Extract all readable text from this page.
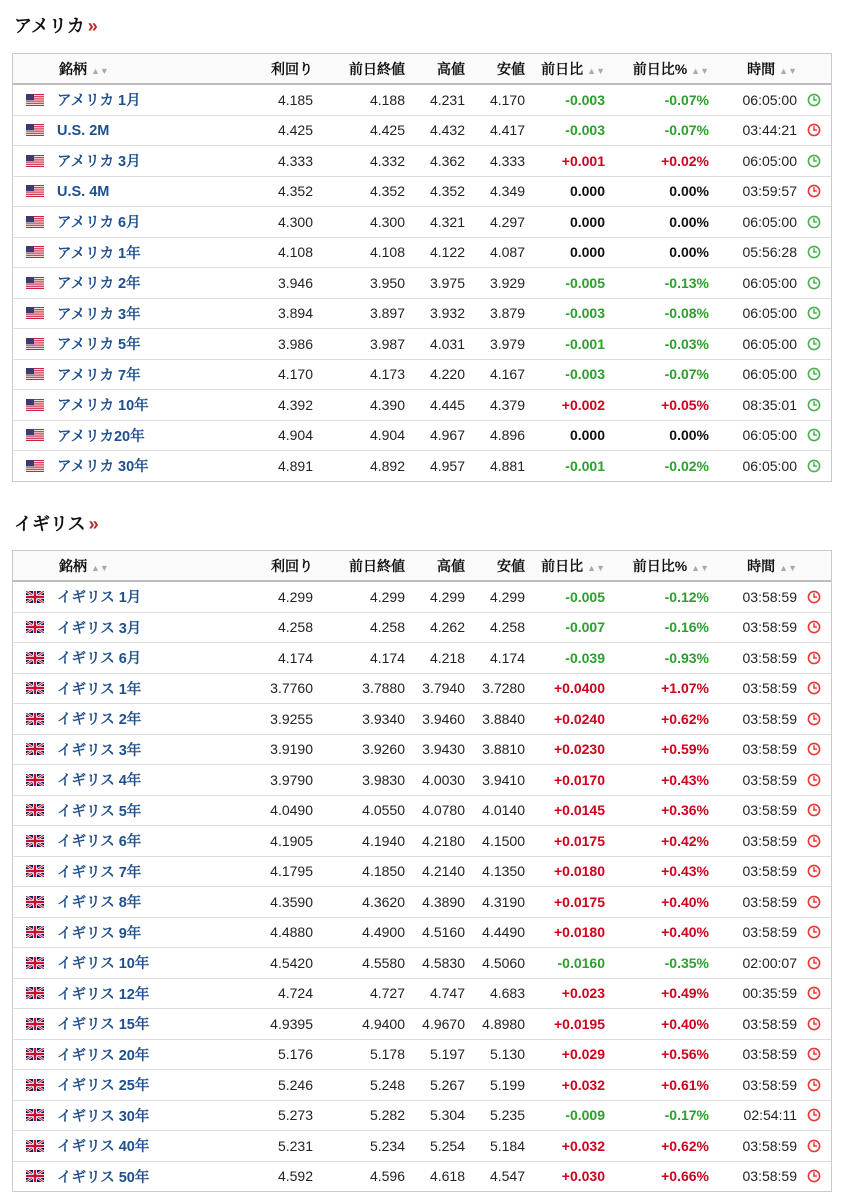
アメリカ »
銘柄 ▲▼	利回り	前日終値	高値	安値	前日比 ▲▼	前日比% ▲▼	時間 ▲▼
アメリカ 1月	4.185	4.188	4.231	4.170	-0.003	-0.07%	06:05:00
U.S. 2M	4.425	4.425	4.432	4.417	-0.003	-0.07%	03:44:21
アメリカ 3月	4.333	4.332	4.362	4.333	+0.001	+0.02%	06:05:00
U.S. 4M	4.352	4.352	4.352	4.349	0.000	0.00%	03:59:57
アメリカ 6月	4.300	4.300	4.321	4.297	0.000	0.00%	06:05:00
アメリカ 1年	4.108	4.108	4.122	4.087	0.000	0.00%	05:56:28
アメリカ 2年	3.946	3.950	3.975	3.929	-0.005	-0.13%	06:05:00
アメリカ 3年	3.894	3.897	3.932	3.879	-0.003	-0.08%	06:05:00
アメリカ 5年	3.986	3.987	4.031	3.979	-0.001	-0.03%	06:05:00
アメリカ 7年	4.170	4.173	4.220	4.167	-0.003	-0.07%	06:05:00
アメリカ 10年	4.392	4.390	4.445	4.379	+0.002	+0.05%	08:35:01
アメリカ20年	4.904	4.904	4.967	4.896	0.000	0.00%	06:05:00
アメリカ 30年	4.891	4.892	4.957	4.881	-0.001	-0.02%	06:05:00
イギリス »
銘柄 ▲▼	利回り	前日終値	高値	安値	前日比 ▲▼	前日比% ▲▼	時間 ▲▼
イギリス 1月	4.299	4.299	4.299	4.299	-0.005	-0.12%	03:58:59
イギリス 3月	4.258	4.258	4.262	4.258	-0.007	-0.16%	03:58:59
イギリス 6月	4.174	4.174	4.218	4.174	-0.039	-0.93%	03:58:59
イギリス 1年	3.7760	3.7880	3.7940	3.7280	+0.0400	+1.07%	03:58:59
イギリス 2年	3.9255	3.9340	3.9460	3.8840	+0.0240	+0.62%	03:58:59
イギリス 3年	3.9190	3.9260	3.9430	3.8810	+0.0230	+0.59%	03:58:59
イギリス 4年	3.9790	3.9830	4.0030	3.9410	+0.0170	+0.43%	03:58:59
イギリス 5年	4.0490	4.0550	4.0780	4.0140	+0.0145	+0.36%	03:58:59
イギリス 6年	4.1905	4.1940	4.2180	4.1500	+0.0175	+0.42%	03:58:59
イギリス 7年	4.1795	4.1850	4.2140	4.1350	+0.0180	+0.43%	03:58:59
イギリス 8年	4.3590	4.3620	4.3890	4.3190	+0.0175	+0.40%	03:58:59
イギリス 9年	4.4880	4.4900	4.5160	4.4490	+0.0180	+0.40%	03:58:59
イギリス 10年	4.5420	4.5580	4.5830	4.5060	-0.0160	-0.35%	02:00:07
イギリス 12年	4.724	4.727	4.747	4.683	+0.023	+0.49%	00:35:59
イギリス 15年	4.9395	4.9400	4.9670	4.8980	+0.0195	+0.40%	03:58:59
イギリス 20年	5.176	5.178	5.197	5.130	+0.029	+0.56%	03:58:59
イギリス 25年	5.246	5.248	5.267	5.199	+0.032	+0.61%	03:58:59
イギリス 30年	5.273	5.282	5.304	5.235	-0.009	-0.17%	02:54:11
イギリス 40年	5.231	5.234	5.254	5.184	+0.032	+0.62%	03:58:59
イギリス 50年	4.592	4.596	4.618	4.547	+0.030	+0.66%	03:58:59
